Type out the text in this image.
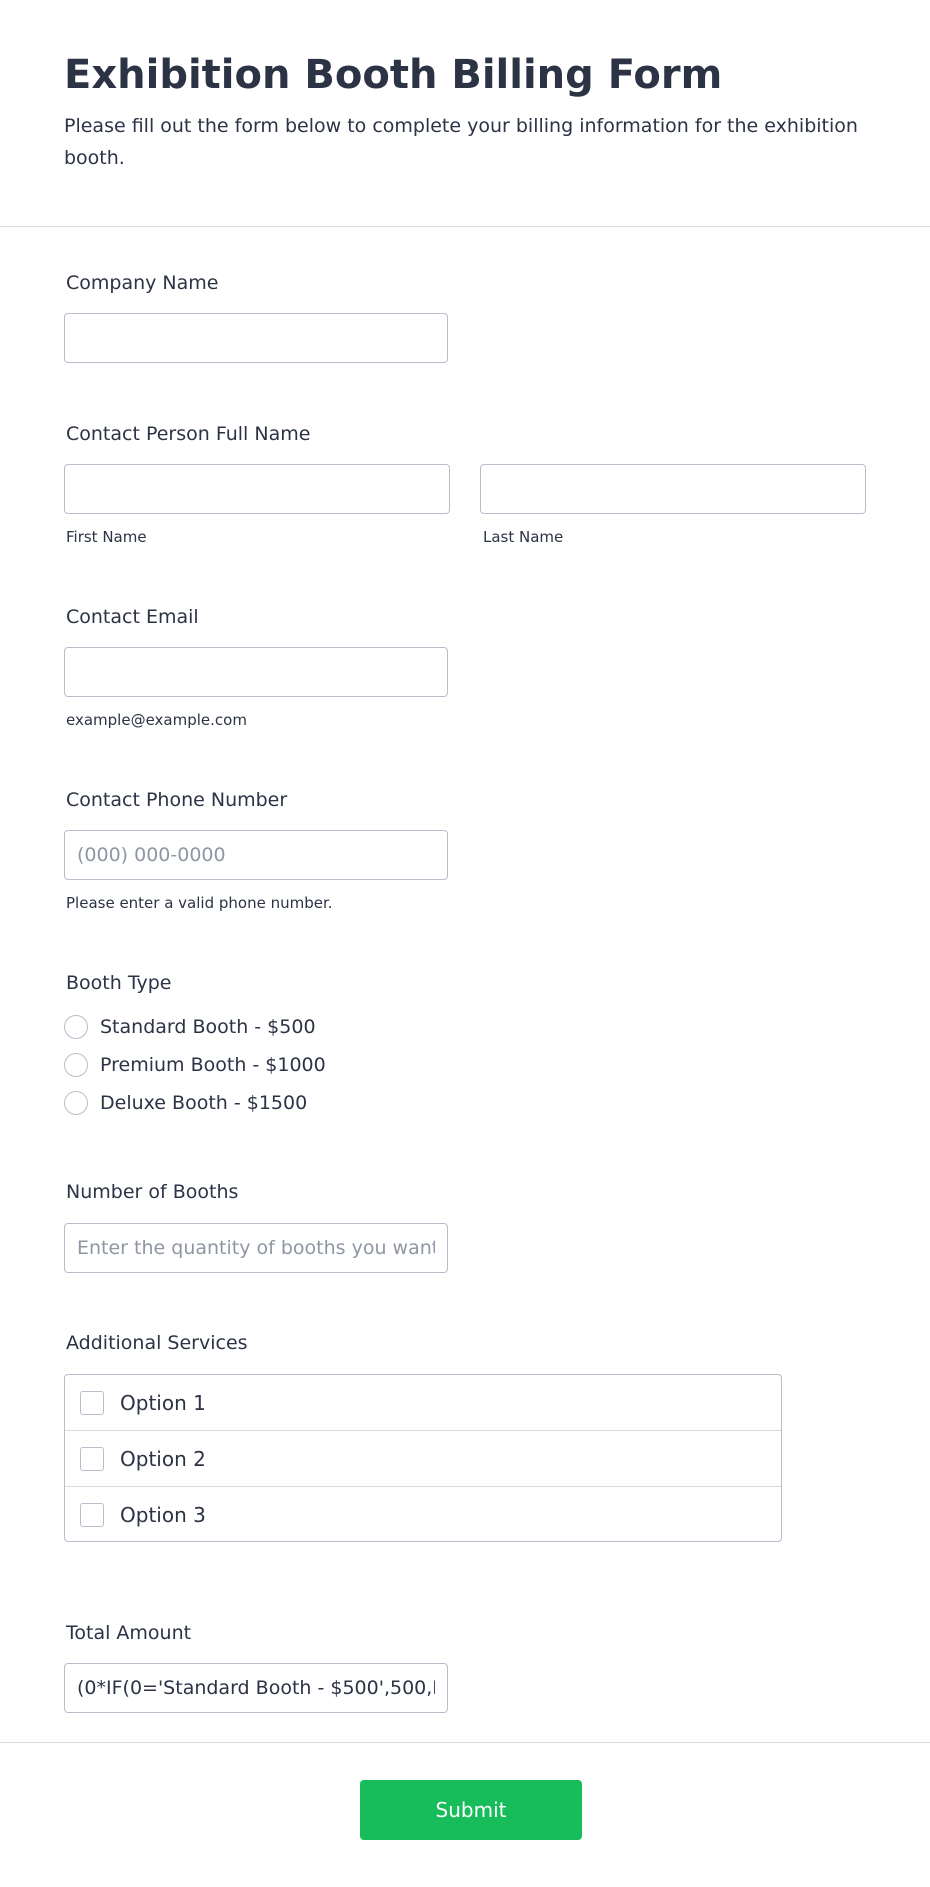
Exhibition Booth Billing Form

Please fill out the form below to complete your billing information for the exhibition booth.

Company Name
Contact Person Full Name
First Name	Last Name
Contact Email
example@example.com
Contact Phone Number
(000) 000-0000
Please enter a valid phone number.
Booth Type
Standard Booth - $500
Premium Booth - $1000
Deluxe Booth - $1500
Number of Booths
Enter the quantity of booths you want
Additional Services
Option 1
Option 2
Option 3
Total Amount
(0*IF(0='Standard Booth - $500',500,IF(0='Premium Booth - $1000',1000,1500)))
Submit
